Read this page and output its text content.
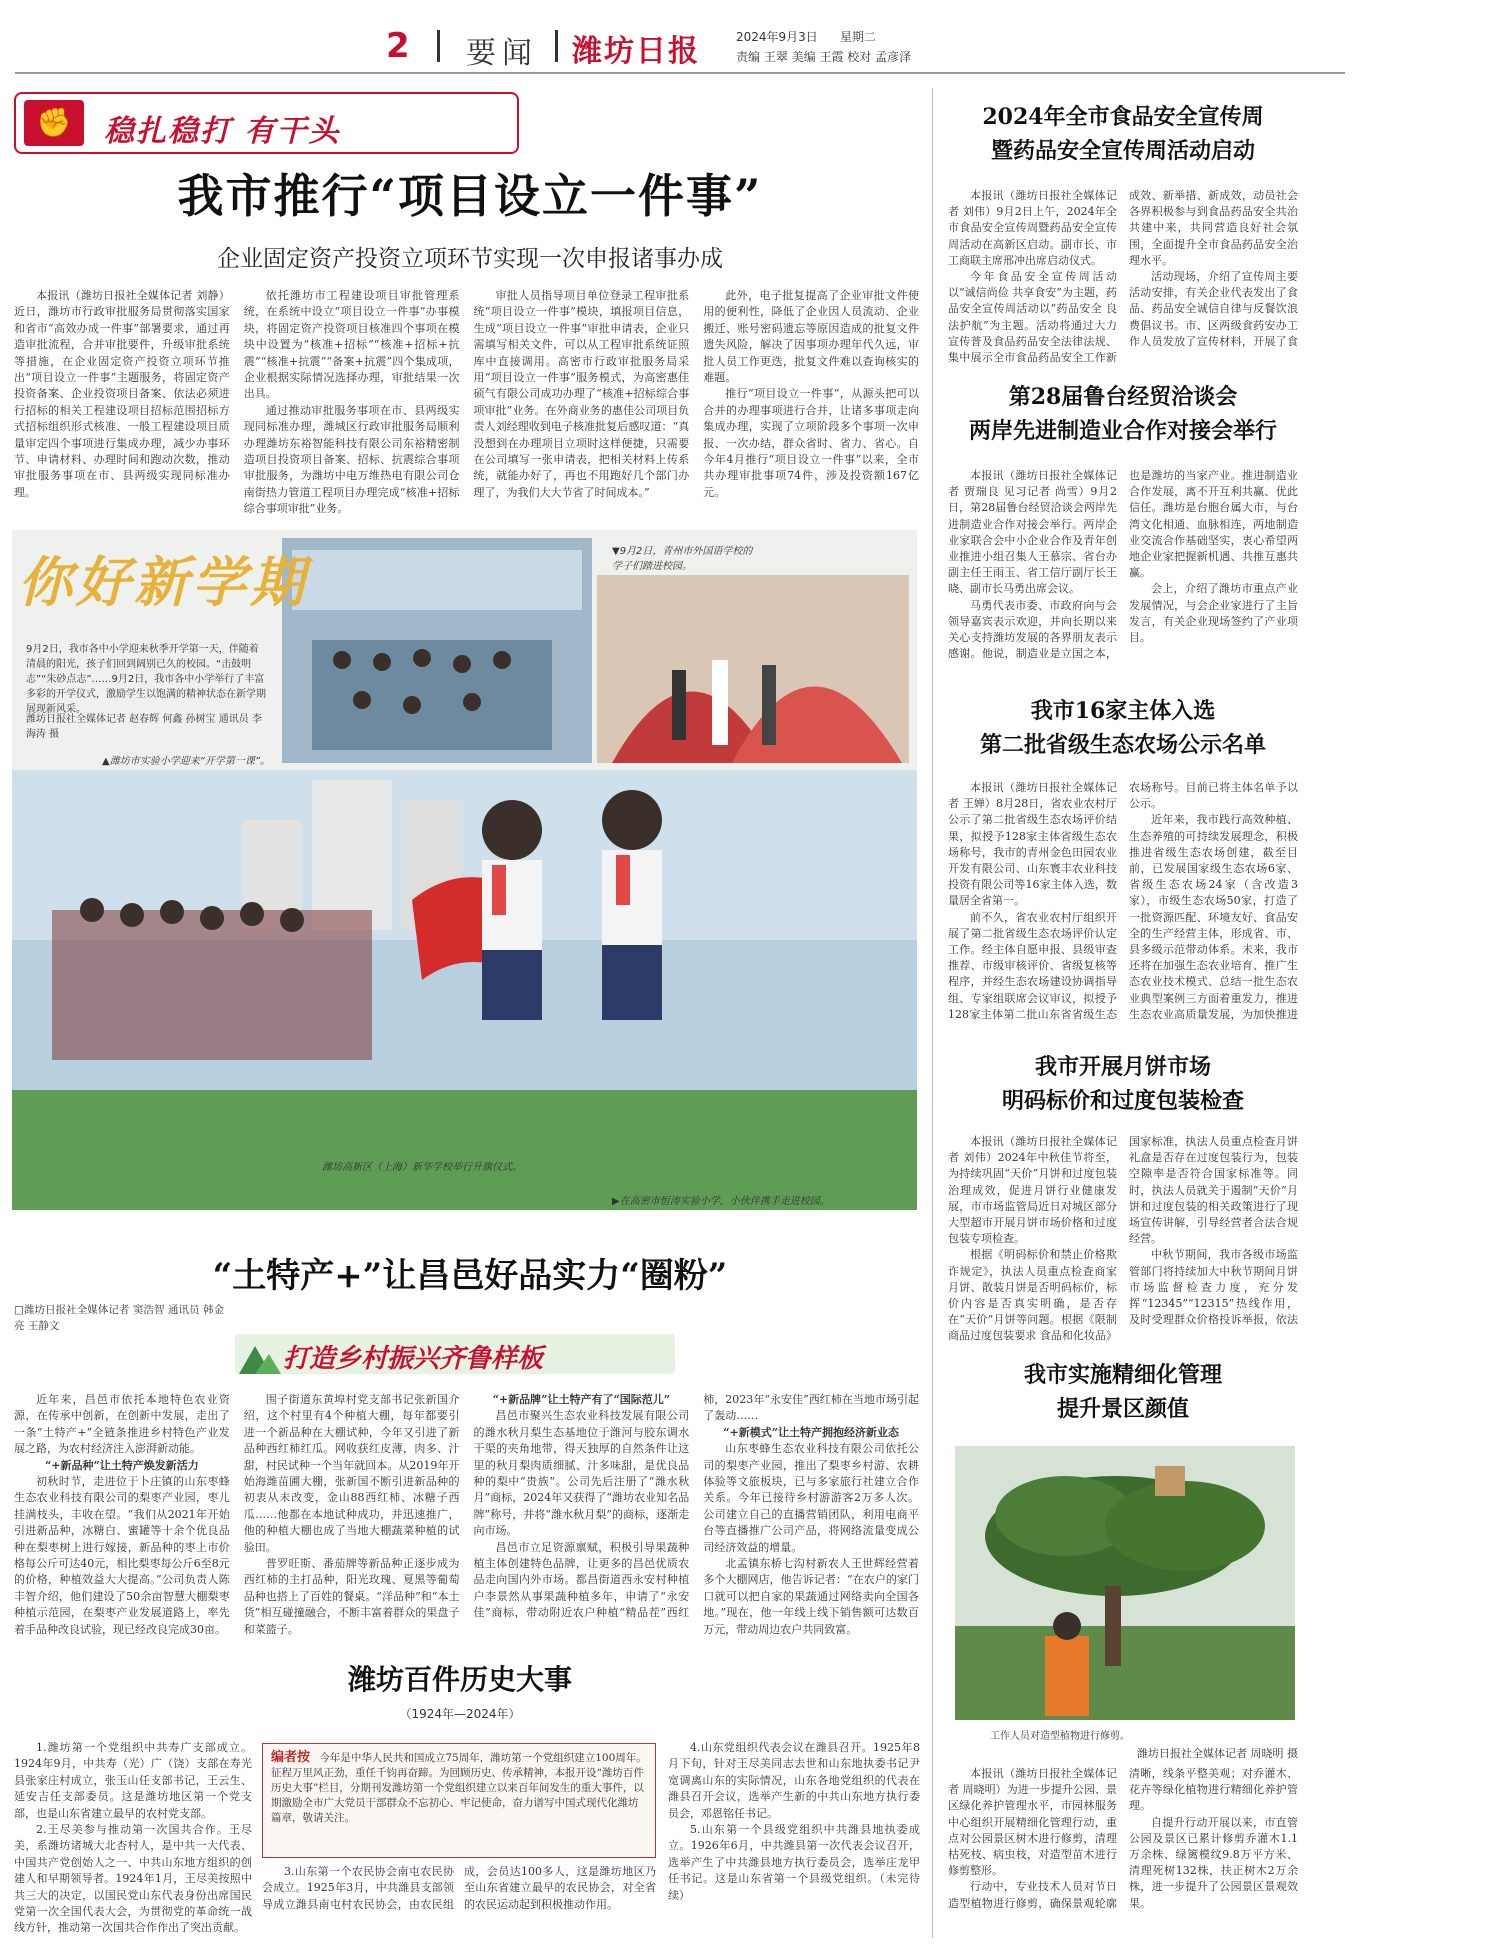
2 要闻 潍坊日报	2024年9月3日 星期二
责编 王翠 美编 王霞 校对 孟彦泽
✊	稳扎稳打 有干头
我市推行“项目设立一件事”
企业固定资产投资立项环节实现一次申报诸事办成

本报讯（潍坊日报社全媒体记者 刘静）近日，潍坊市行政审批服务局贯彻落实国家和省市“高效办成一件事”部署要求，通过再造审批流程，合并审批要件，升级审批系统等措施，在企业固定资产投资立项环节推出“项目设立一件事”主题服务，将固定资产投资备案、企业投资项目备案、依法必须进行招标的相关工程建设项目招标范围招标方式招标组织形式核准、一般工程建设项目质量审定四个事项进行集成办理，减少办事环节、申请材料、办理时间和跑动次数，推动审批服务事项在市、县两级实现同标准办理。

依托潍坊市工程建设项目审批管理系统，在系统中设立“项目设立一件事”办事模块，将固定资产投资项目核准四个事项在模块中设置为“核准+招标”“核准+招标+抗震”“核准+抗震”“备案+抗震”四个集成项，企业根据实际情况选择办理，审批结果一次出具。

通过推动审批服务事项在市、县两级实现同标准办理，潍城区行政审批服务局顺利办理潍坊东裕智能科技有限公司东裕精密制造项目投资项目备案、招标、抗震综合事项审批服务，为潍坊中电万维热电有限公司仓南街热力管道工程项目办理完成“核准+招标综合事项审批”业务。

审批人员指导项目单位登录工程审批系统“项目设立一件事”模块，填报项目信息，生成“项目设立一件事”审批申请表，企业只需填写相关文件，可以从工程审批系统证照库中直接调用。高密市行政审批服务局采用“项目设立一件事”服务模式，为高密惠佳硕气有限公司成功办理了“核准+招标综合事项审批”业务。在外商业务的惠佳公司项目负责人刘经理收到电子核准批复后感叹道：“真没想到在办理项目立项时这样便捷，只需要在公司填写一张申请表，把相关材料上传系统，就能办好了，再也不用跑好几个部门办理了，为我们大大节省了时间成本。”

此外，电子批复提高了企业审批文件使用的便利性，降低了企业因人员流动、企业搬迁、账号密码遗忘等原因造成的批复文件遗失风险，解决了因事项办理年代久远，审批人员工作更迭，批复文件难以查询核实的难题。

推行“项目设立一件事”，从源头把可以合并的办理事项进行合并，让诸多事项走向集成办理，实现了立项阶段多个事项一次申报、一次办结，群众省时、省力、省心。自今年4月推行“项目设立一件事”以来，全市共办理审批事项74件，涉及投资额167亿元。

你好新学期
9月2日，我市各中小学迎来秋季开学第一天，伴随着清晨的阳光，孩子们回到阔别已久的校园。“击鼓明志”“朱砂点志”……9月2日，我市各中小学举行了丰富多彩的开学仪式，激励学生以饱满的精神状态在新学期展现新风采。
潍坊日报社全媒体记者 赵春辉 何鑫 孙树宝 通讯员 李海涛 摄
▲潍坊市实验小学迎来“开学第一课”。
▼9月2日，青州市外国语学校的学子们踏进校园。
潍坊高新区（上海）新华学校举行升旗仪式。
▶在高密市恒涛实验小学，小伙伴携手走进校园。
“土特产+”让昌邑好品实力“圈粉”
□潍坊日报社全媒体记者 窦浩智 通讯员 韩金亮 王静文
打造乡村振兴齐鲁样板

近年来，昌邑市依托本地特色农业资源，在传承中创新，在创新中发展，走出了一条“土特产+”全链条推进乡村特色产业发展之路，为农村经济注入澎湃新动能。

“+新品种”让土特产焕发新活力

初秋时节，走进位于卜庄镇的山东枣蜂生态农业科技有限公司的梨枣产业园，枣儿挂满枝头，丰收在望。“我们从2021年开始引进新品种，冰糖白、蜜罐等十余个优良品种在梨枣树上进行嫁接，新品种的枣上市价格每公斤可达40元，相比梨枣每公斤6至8元的价格，种植效益大大提高。”公司负责人陈丰智介绍，他们建设了50余亩智慧大棚梨枣种植示范园，在梨枣产业发展道路上，率先着手品种改良试验，现已经改良完成30亩。

围子街道东黄埠村党支部书记张新国介绍，这个村里有4个种植大棚，每年都要引进一个新品种在大棚试种，今年又引进了新品种西红柿红瓜。网收获红皮薄，肉多、汁甜，村民试种一个当年就回本。从2019年开始海潍苗圃大棚，张新国不断引进新品种的初衷从未改变，金山88西红柿、冰糖子西瓜……他都在本地试种成功，并迅速推广，他的种植大棚也成了当地大棚蔬菜种植的试验田。

普罗旺斯、番茄牌等新品种正逐步成为西红柿的主打品种，阳光玫瑰、夏黑等葡萄品种也搭上了百姓的餐桌。“洋品种”和“本土货”相互碰撞融合，不断丰富着群众的果盘子和菜篮子。

“+新品牌”让土特产有了“国际范儿”

昌邑市聚兴生态农业科技发展有限公司的潍水秋月梨生态基地位于潍河与胶东调水干渠的夹角地带，得天独厚的自然条件让这里的秋月梨肉质细腻、汁多味甜，是优良品种的梨中“贵族”。公司先后注册了“潍水秋月”商标，2024年又获得了“潍坊农业知名品牌”称号，并将“潍水秋月梨”的商标，逐渐走向市场。

昌邑市立足资源禀赋，积极引导果蔬种植主体创建特色品牌，让更多的昌邑优质农品走向国内外市场。都昌街道西永安村种植户李景然从事果蔬种植多年，申请了“永安佳”商标，带动附近农户种植“精品茬”西红柿，2023年“永安佳”西红柿在当地市场引起了轰动……

“+新模式”让土特产拥抱经济新业态

山东枣蜂生态农业科技有限公司依托公司的梨枣产业园，推出了梨枣乡村游、农耕体验等文旅板块，已与多家旅行社建立合作关系。今年已接待乡村游游客2万多人次。公司建立自己的直播营销团队，利用电商平台等直播推广公司产品，将网络流量变成公司经济效益的增量。

北孟镇东桥七沟村新农人王世辉经营着多个大棚网店，他告诉记者：“在农户的家门口就可以把自家的果蔬通过网络卖向全国各地。”现在，他一年线上线下销售额可达数百万元，带动周边农户共同致富。

潍坊百件历史大事
（1924年—2024年）

1.潍坊第一个党组织中共寿广支部成立。1924年9月，中共寿（光）广（饶）支部在寿光县张家庄村成立，张玉山任支部书记，王云生、延安吉任支部委员。这是潍坊地区第一个党支部，也是山东省建立最早的农村党支部。

2.王尽美参与推动第一次国共合作。王尽美，系潍坊诸城大北杏村人，是中共一大代表、中国共产党创始人之一、中共山东地方组织的创建人和早期领导者。1924年1月，王尽美按照中共三大的决定，以国民党山东代表身份出席国民党第一次全国代表大会，为贯彻党的革命统一战线方针，推动第一次国共合作作出了突出贡献。

编者按 今年是中华人民共和国成立75周年，潍坊第一个党组织建立100周年。征程万里风正劲，重任千钧再奋蹄。为回顾历史、传承精神，本报开设“潍坊百件历史大事”栏目，分期刊发潍坊第一个党组织建立以来百年间发生的重大事件，以期激励全市广大党员干部群众不忘初心、牢记使命，奋力谱写中国式现代化潍坊篇章，敬请关注。

3.山东第一个农民协会南屯农民协会成立。1925年3月，中共潍县支部领导成立潍县南屯村农民协会，由农民组成，会员达100多人，这是潍坊地区乃至山东省建立最早的农民协会，对全省的农民运动起到积极推动作用。

4.山东党组织代表会议在潍县召开。1925年8月下旬，针对王尽美同志去世和山东地执委书记尹宽调离山东的实际情况，山东各地党组织的代表在潍县召开会议，选举产生新的中共山东地方执行委员会，邓恩铭任书记。

5.山东第一个县级党组织中共潍县地执委成立。1926年6月，中共潍县第一次代表会议召开，选举产生了中共潍县地方执行委员会，选举庄龙甲任书记。这是山东省第一个县级党组织。（未完待续）

2024年全市食品安全宣传周
暨药品安全宣传周活动启动

本报讯（潍坊日报社全媒体记者 刘伟）9月2日上午，2024年全市食品安全宣传周暨药品安全宣传周活动在高新区启动。副市长、市工商联主席邢冲出席启动仪式。

今年食品安全宣传周活动以“诚信尚俭 共享食安”为主题，药品安全宣传周活动以“药品安全 良法护航”为主题。活动将通过大力宣传普及食品药品安全法律法规、集中展示全市食品药品安全工作新成效、新举措、新成效，动员社会各界积极参与到食品药品安全共治共建中来，共同营造良好社会氛围，全面提升全市食品药品安全治理水平。

活动现场，介绍了宣传周主要活动安排，有关企业代表发出了食品、药品安全诚信自律与反餐饮浪费倡议书。市、区两级食药安办工作人员发放了宣传材料，开展了食

第28届鲁台经贸洽谈会
两岸先进制造业合作对接会举行

本报讯（潍坊日报社全媒体记者 贾瑞良 见习记者 尚雪）9月2日，第28届鲁台经贸洽谈会两岸先进制造业合作对接会举行。两岸企业家联合会中小企业合作及青年创业推进小组召集人王慕宗、省台办副主任王雨玉、省工信厅副厅长王晓、副市长马勇出席会议。

马勇代表市委、市政府向与会领导嘉宾表示欢迎，并向长期以来关心支持潍坊发展的各界朋友表示感谢。他说，制造业是立国之本，也是潍坊的当家产业。推进制造业合作发展，离不开互利共赢、优此信任。潍坊是台胞台属大市，与台湾文化相通、血脉相连，两地制造业交流合作基础坚实，衷心希望两地企业家把握新机遇、共推互惠共赢。

会上，介绍了潍坊市重点产业发展情况，与会企业家进行了主旨发言，有关企业现场签约了产业项目。

我市16家主体入选
第二批省级生态农场公示名单

本报讯（潍坊日报社全媒体记者 王婵）8月28日，省农业农村厅公示了第二批省级生态农场评价结果，拟授予128家主体省级生态农场称号，我市的青州金色田园农业开发有限公司、山东寰丰农业科技投资有限公司等16家主体入选，数量居全省第一。

前不久，省农业农村厅组织开展了第二批省级生态农场评价认定工作。经主体自愿申报、县级审查推荐、市级审核评价、省级复核等程序，并经生态农场建设协调指导组、专家组联席会议审议，拟授予128家主体第二批山东省省级生态农场称号。目前已将主体名单予以公示。

近年来，我市践行高效种植、生态养殖的可持续发展理念，积极推进省级生态农场创建，截至目前，已发展国家级生态农场6家、省级生态农场24家（含改造3家），市级生态农场50家，打造了一批资源匹配、环境友好、食品安全的生产经营主体，形成省、市、县多级示范带动体系。未来，我市还将在加强生态农业培育、推广生态农业技术模式、总结一批生态农业典型案例三方面着重发力，推进生态农业高质量发展，为加快推进

我市开展月饼市场
明码标价和过度包装检查

本报讯（潍坊日报社全媒体记者 刘伟）2024年中秋佳节将至，为持续巩固“天价”月饼和过度包装治理成效，促进月饼行业健康发展，市市场监管局近日对城区部分大型超市开展月饼市场价格和过度包装专项检查。

根据《明码标价和禁止价格欺诈规定》，执法人员重点检查商家月饼、散装月饼是否明码标价，标价内容是否真实明确，是否存在“天价”月饼等问题。根据《限制商品过度包装要求 食品和化妆品》国家标准，执法人员重点检查月饼礼盒是否存在过度包装行为，包装空隙率是否符合国家标准等。同时，执法人员就关于遏制“天价”月饼和过度包装的相关政策进行了现场宣传讲解，引导经营者合法合规经营。

中秋节期间，我市各级市场监管部门将持续加大中秋节期间月饼市场监督检查力度，充分发挥“12345”“12315”热线作用，及时受理群众价格投诉举报，依法

我市实施精细化管理
提升景区颜值
工作人员对造型植物进行修剪。
潍坊日报社全媒体记者 周晓明 摄

本报讯（潍坊日报社全媒体记者 周晓明）为进一步提升公园、景区绿化养护管理水平，市园林服务中心组织开展精细化管理行动，重点对公园景区树木进行修剪，清理枯死枝、病虫枝，对造型苗木进行修剪整形。

行动中，专业技术人员对节日造型植物进行修剪，确保景观轮廓清晰，线条平整美观；对乔灌木、花卉等绿化植物进行精细化养护管理。

自提升行动开展以来，市直管公园及景区已累计修剪乔灌木1.1万余株、绿篱模纹9.8万平方米、清理死树132株，扶正树木2万余株，进一步提升了公园景区景观效果。
